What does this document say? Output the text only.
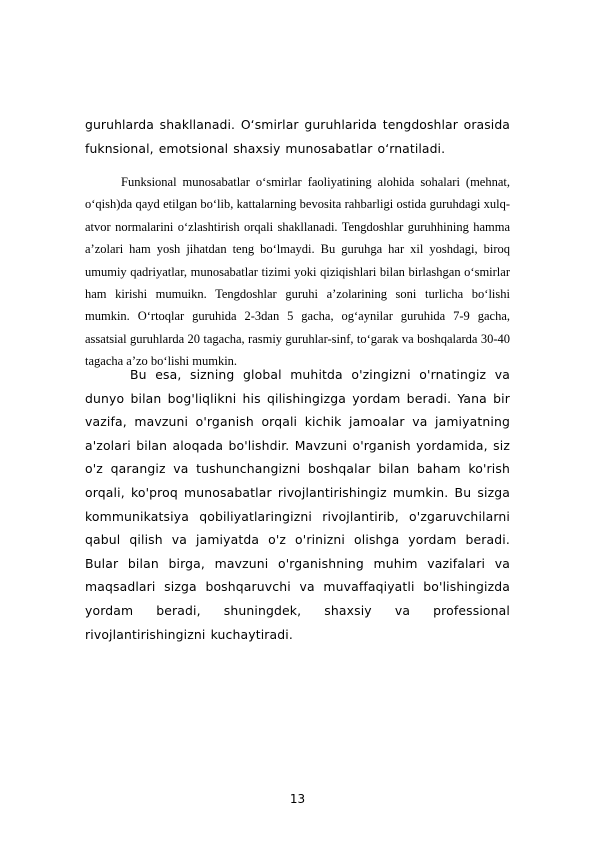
guruhlarda shakllanadi. O‘smirlar guruhlarida tengdoshlar orasida fuknsional, emotsional shaxsiy munosabatlar o‘rnatiladi.

Funksional munosabatlar o‘smirlar faoliyatining alohida sohalari (mehnat, o‘qish)da qayd etilgan bo‘lib, kattalarning bevosita rahbarligi ostida guruhdagi xulq-atvor normalarini o‘zlashtirish orqali shakllanadi. Tengdoshlar guruhhining hamma a’zolari ham yosh jihatdan teng bo‘lmaydi. Bu guruhga har xil yoshdagi, biroq umumiy qadriyatlar, munosabatlar tizimi yoki qiziqishlari bilan birlashgan o‘smirlar ham kirishi mumuikn. Tengdoshlar guruhi a’zolarining soni turlicha bo‘lishi mumkin. O‘rtoqlar guruhida 2-3dan 5 gacha, og‘aynilar guruhida 7-9 gacha, assatsial guruhlarda 20 tagacha, rasmiy guruhlar-sinf, to‘garak va boshqalarda 30-40 tagacha a’zo bo‘lishi mumkin.

Bu esa, sizning global muhitda o'zingizni o'rnatingiz va dunyo bilan bog'liqlikni his qilishingizga yordam beradi. Yana bir vazifa, mavzuni o'rganish orqali kichik jamoalar va jamiyatning a'zolari bilan aloqada bo'lishdir. Mavzuni o'rganish yordamida, siz o'z qarangiz va tushunchangizni boshqalar bilan baham ko'rish orqali, ko'proq munosabatlar rivojlantirishingiz mumkin. Bu sizga kommunikatsiya qobiliyatlaringizni rivojlantirib, o'zgaruvchilarni qabul qilish va jamiyatda o'z o'rinizni olishga yordam beradi. Bular bilan birga, mavzuni o'rganishning muhim vazifalari va maqsadlari sizga boshqaruvchi va muvaffaqiyatli bo'lishingizda yordam beradi, shuningdek, shaxsiy va professional rivojlantirishingizni kuchaytiradi.

13
